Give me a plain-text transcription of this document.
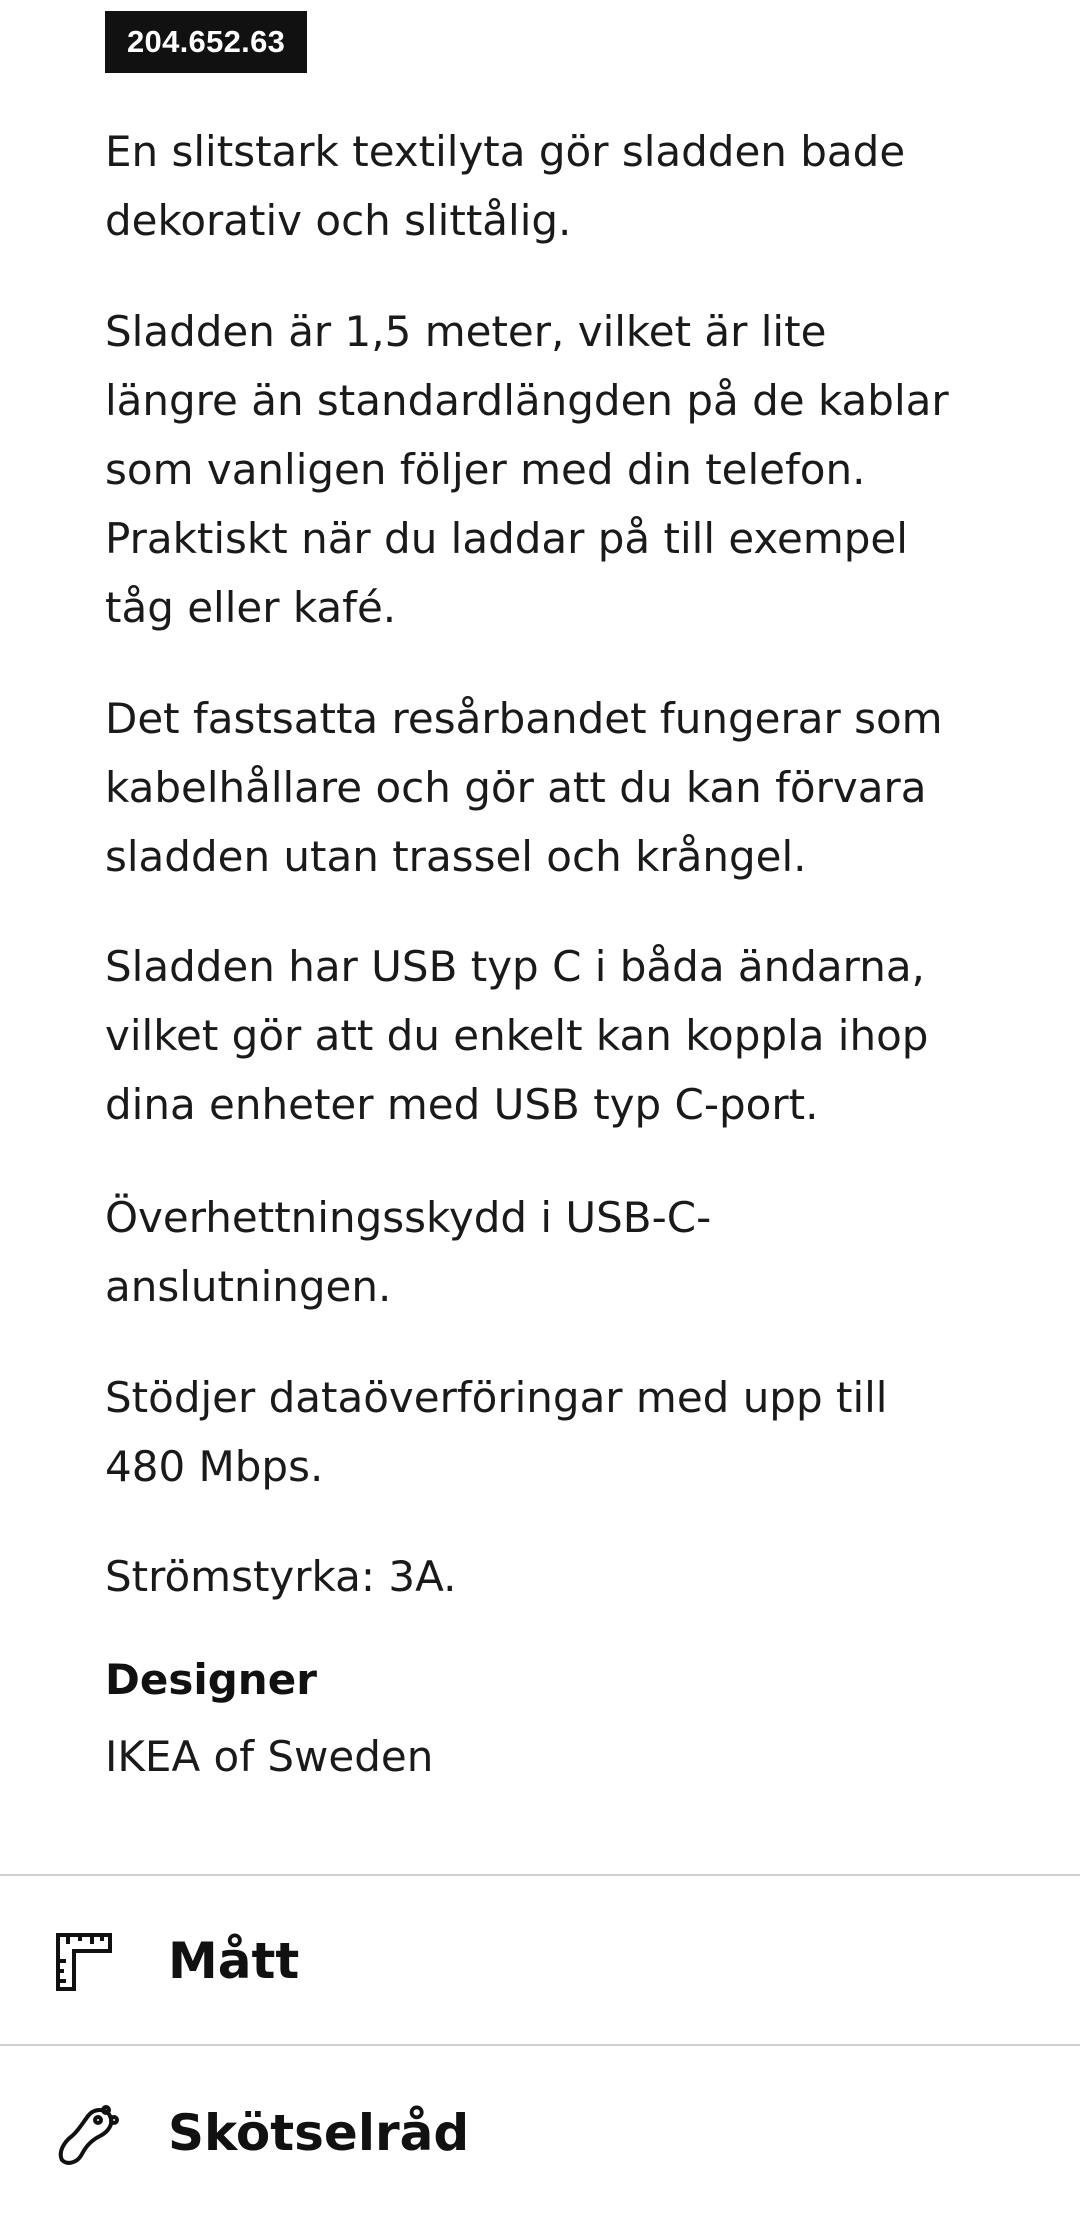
204.652.63

En slitstark textilyta gör sladden bade
dekorativ och slittålig.

Sladden är 1,5 meter, vilket är lite
längre än standardlängden på de kablar
som vanligen följer med din telefon.
Praktiskt när du laddar på till exempel
tåg eller kafé.

Det fastsatta resårbandet fungerar som
kabelhållare och gör att du kan förvara
sladden utan trassel och krångel.

Sladden har USB typ C i båda ändarna,
vilket gör att du enkelt kan koppla ihop
dina enheter med USB typ C-port.

Överhettningsskydd i USB-C-
anslutningen.

Stödjer dataöverföringar med upp till
480 Mbps.

Strömstyrka: 3A.

Designer
IKEA of Sweden
Mått
Skötselråd
